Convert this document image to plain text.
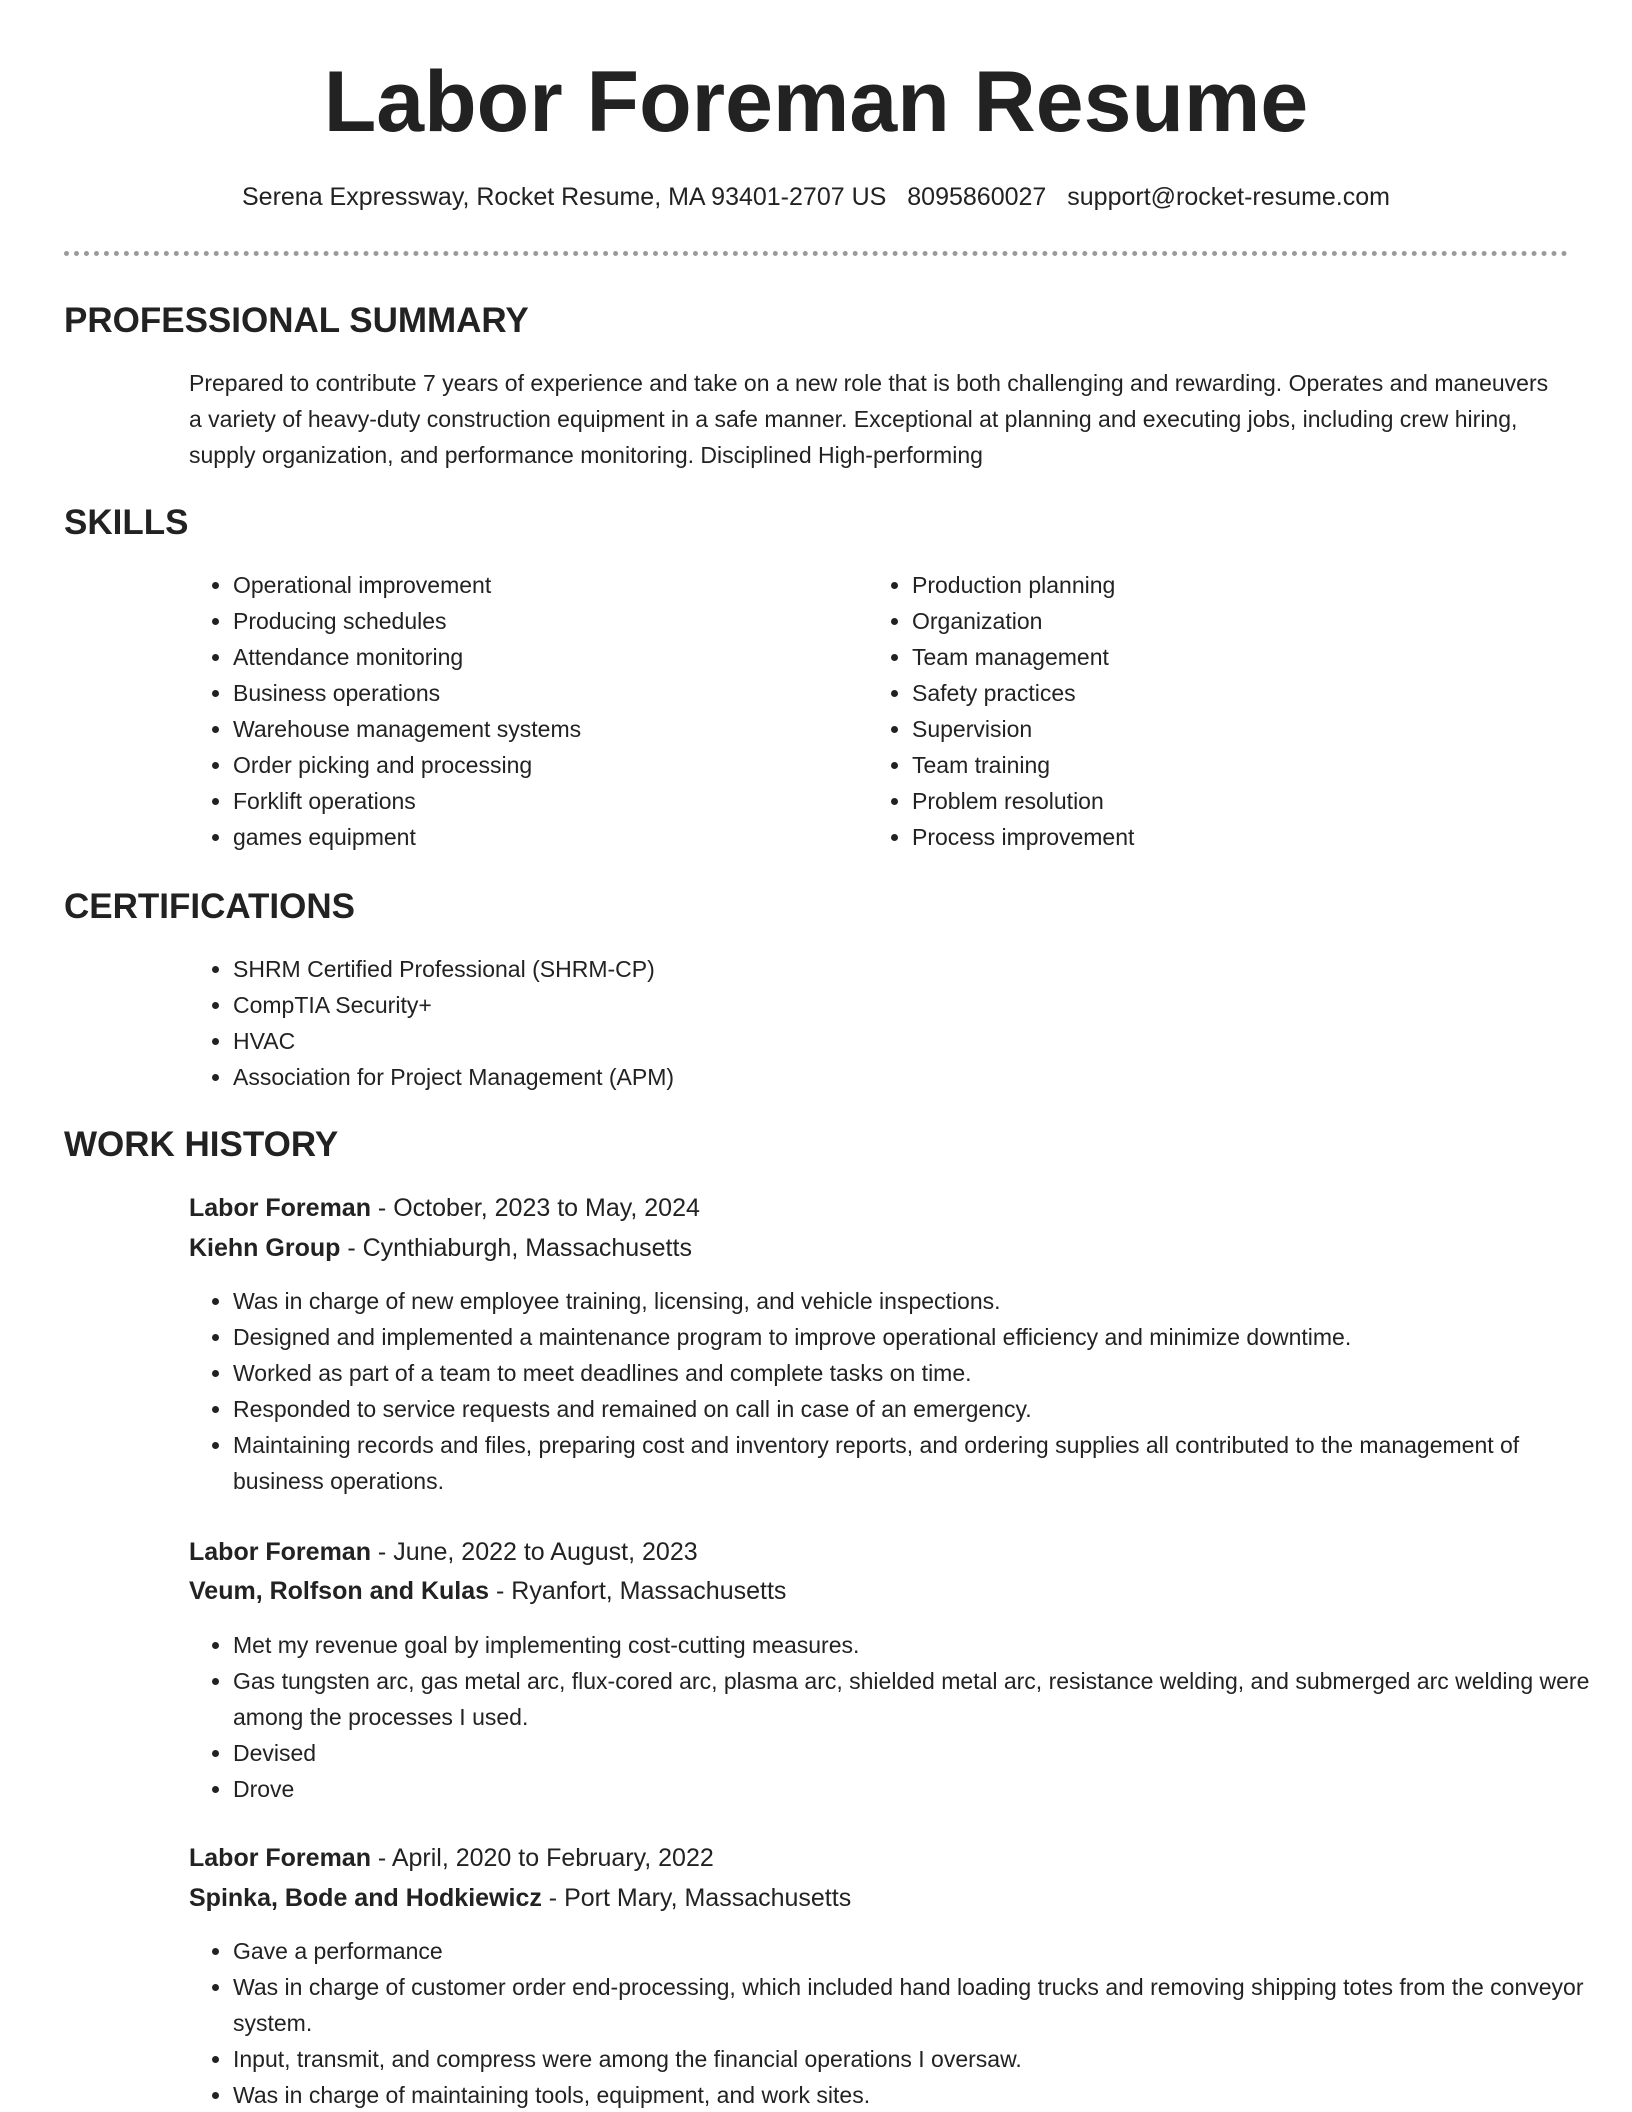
Labor Foreman Resume
Serena Expressway, Rocket Resume, MA 93401-2707 US 8095860027 support@rocket-resume.com
PROFESSIONAL SUMMARY

Prepared to contribute 7 years of experience and take on a new role that is both challenging and rewarding. Operates and maneuvers a variety of heavy-duty construction equipment in a safe manner. Exceptional at planning and executing jobs, including crew hiring, supply organization, and performance monitoring. Disciplined High-performing

SKILLS
• Operational improvement
• Producing schedules
• Attendance monitoring
• Business operations
• Warehouse management systems
• Order picking and processing
• Forklift operations
• games equipment
• Production planning
• Organization
• Team management
• Safety practices
• Supervision
• Team training
• Problem resolution
• Process improvement
CERTIFICATIONS
• SHRM Certified Professional (SHRM-CP)
• CompTIA Security+
• HVAC
• Association for Project Management (APM)
WORK HISTORY
Labor Foreman - October, 2023 to May, 2024
Kiehn Group - Cynthiaburgh, Massachusetts
• Was in charge of new employee training, licensing, and vehicle inspections.
• Designed and implemented a maintenance program to improve operational efficiency and minimize downtime.
• Worked as part of a team to meet deadlines and complete tasks on time.
• Responded to service requests and remained on call in case of an emergency.
• Maintaining records and files, preparing cost and inventory reports, and ordering supplies all contributed to the management of business operations.
Labor Foreman - June, 2022 to August, 2023
Veum, Rolfson and Kulas - Ryanfort, Massachusetts
• Met my revenue goal by implementing cost-cutting measures.
• Gas tungsten arc, gas metal arc, flux-cored arc, plasma arc, shielded metal arc, resistance welding, and submerged arc welding were among the processes I used.
• Devised
• Drove
Labor Foreman - April, 2020 to February, 2022
Spinka, Bode and Hodkiewicz - Port Mary, Massachusetts
• Gave a performance
• Was in charge of customer order end-processing, which included hand loading trucks and removing shipping totes from the conveyor system.
• Input, transmit, and compress were among the financial operations I oversaw.
• Was in charge of maintaining tools, equipment, and work sites.
